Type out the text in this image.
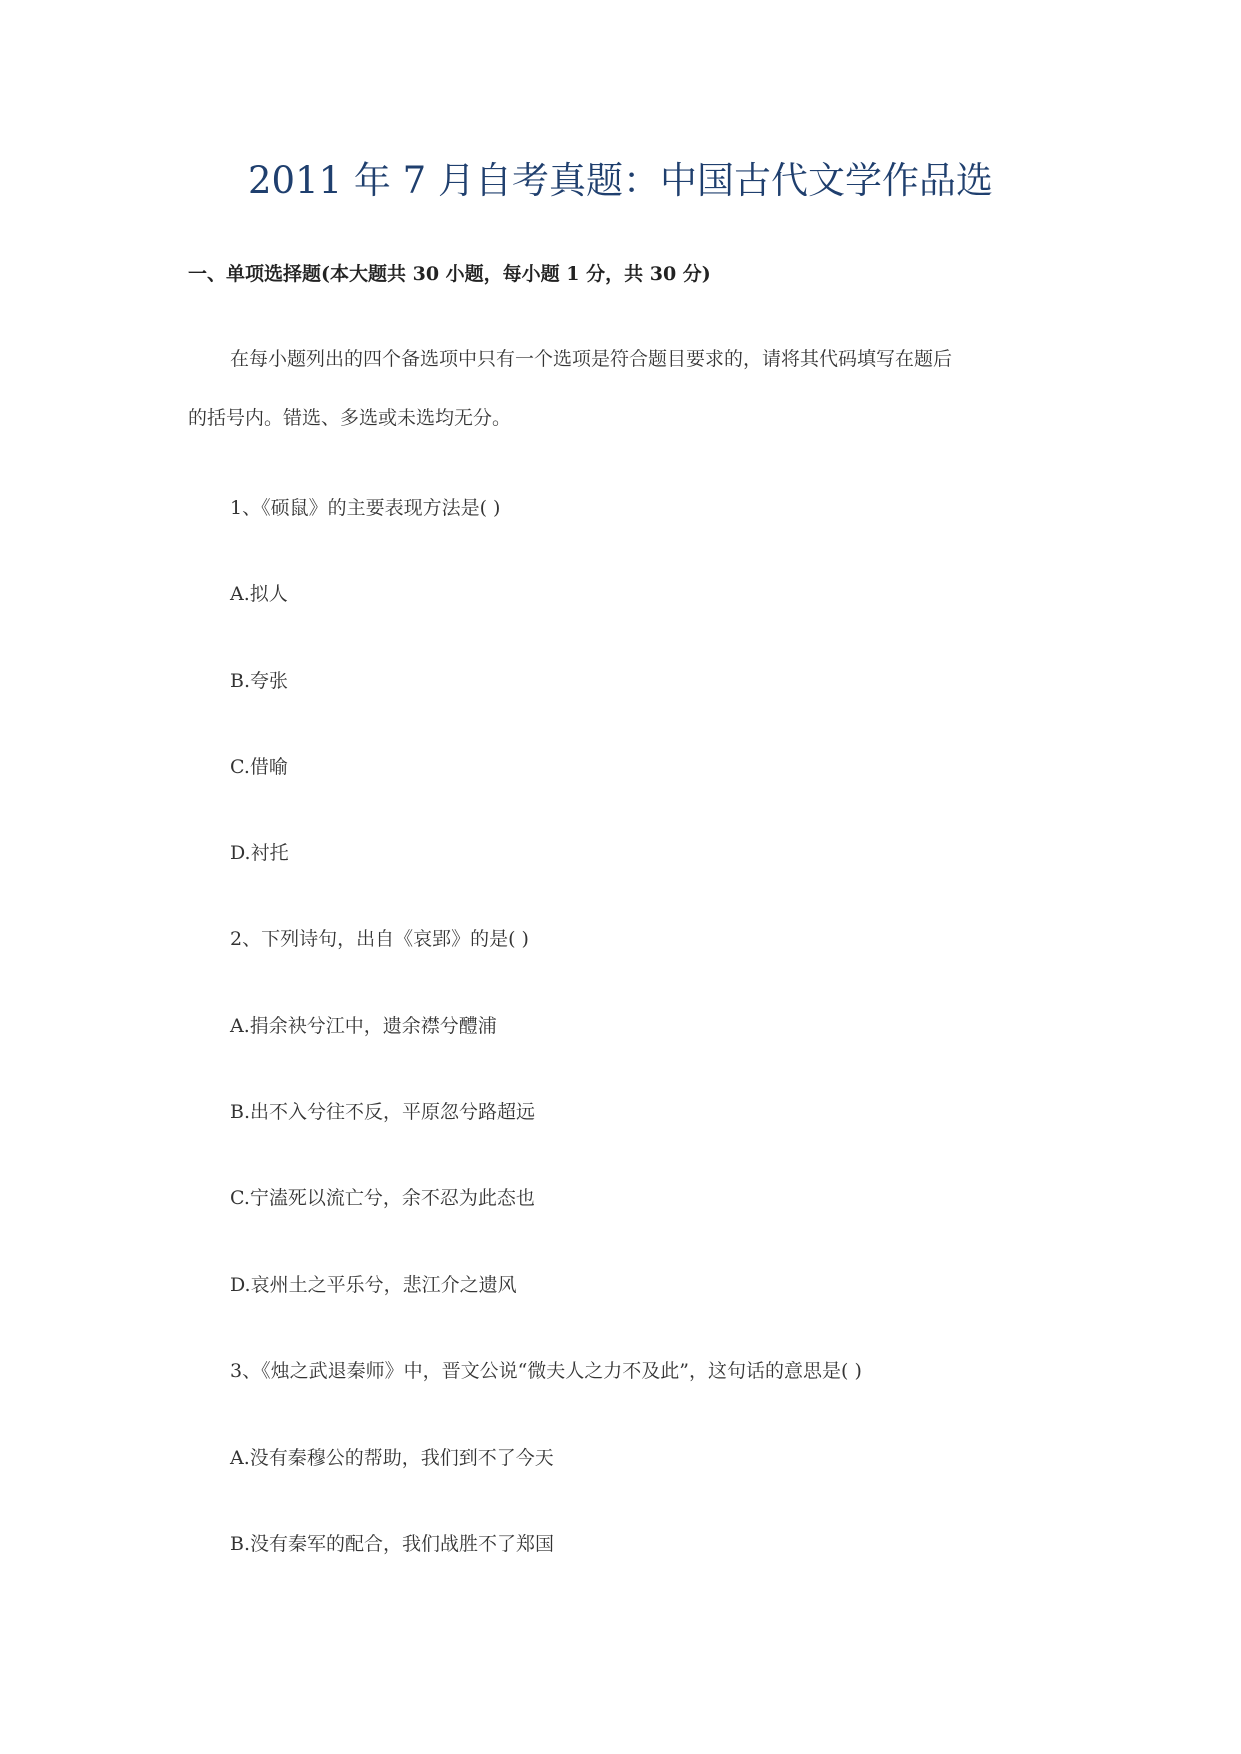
2011 年 7 月自考真题：中国古代文学作品选
一、单项选择题(本大题共 30 小题，每小题 1 分，共 30 分)
在每小题列出的四个备选项中只有一个选项是符合题目要求的，请将其代码填写在题后
的括号内。错选、多选或未选均无分。
1、《硕鼠》的主要表现方法是( )
A.拟人
B.夸张
C.借喻
D.衬托
2、下列诗句，出自《哀郢》的是( )
A.捐余袂兮江中，遗余襟兮醴浦
B.出不入兮往不反，平原忽兮路超远
C.宁溘死以流亡兮，余不忍为此态也
D.哀州土之平乐兮，悲江介之遗风
3、《烛之武退秦师》中，晋文公说“微夫人之力不及此”，这句话的意思是( )
A.没有秦穆公的帮助，我们到不了今天
B.没有秦军的配合，我们战胜不了郑国
